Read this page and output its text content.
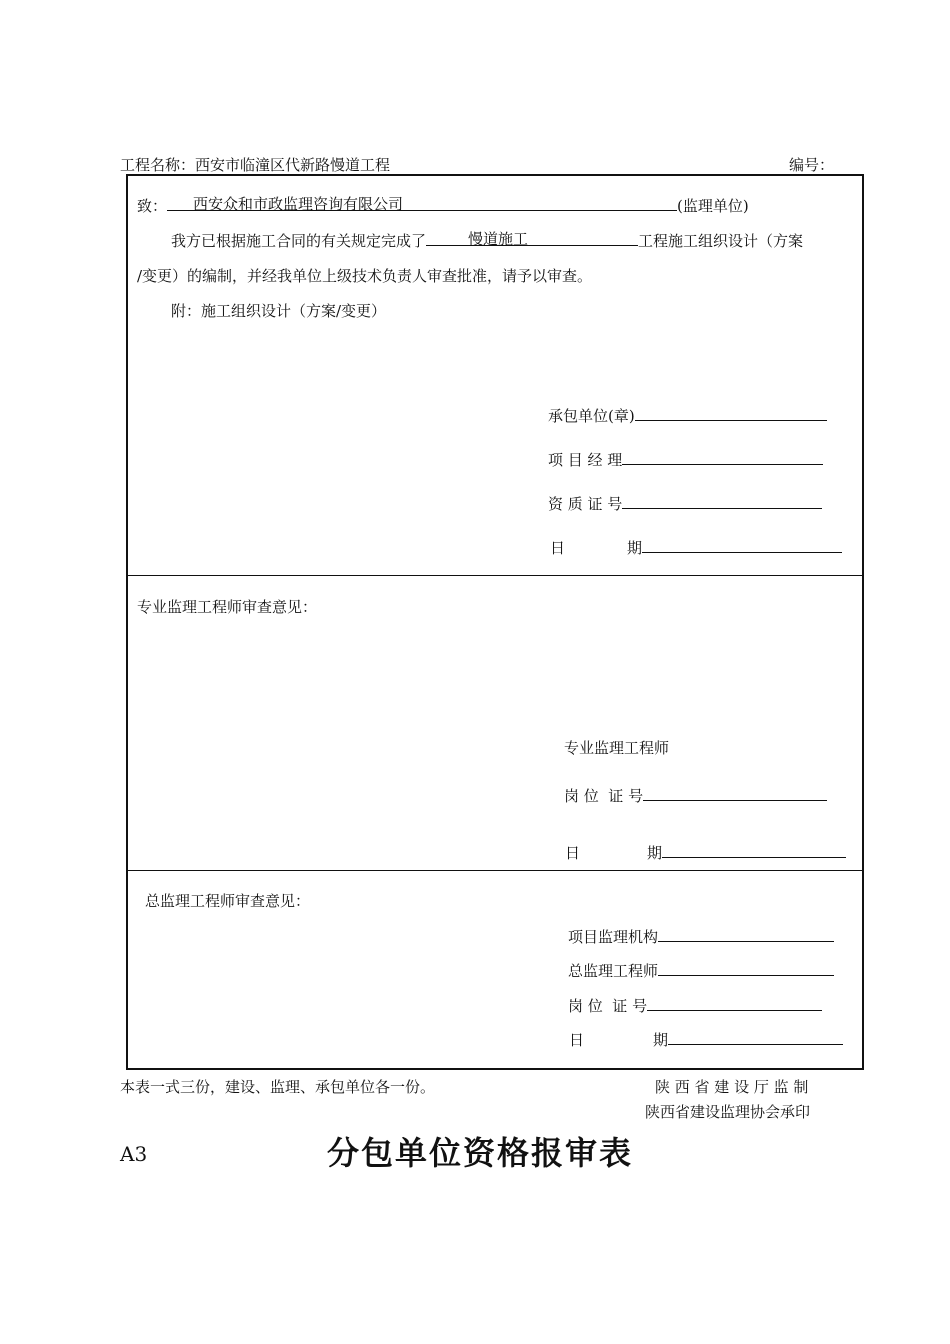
工程名称：西安市临潼区代新路慢道工程	编号：
致： 西安众和市政监理咨询有限公司	(监理单位)
我方已根据施工合同的有关规定完成了	慢道施工	工程施工组织设计（方案
/变更）的编制，并经我单位上级技术负责人审查批准，请予以审查。
附：施工组织设计（方案/变更）
承包单位(章)
项 目 经 理
资 质 证 号
日	期
专业监理工程师审查意见：
专业监理工程师
岗 位  证 号
日	期
总监理工程师审查意见：
项目监理机构
总监理工程师
岗 位  证 号
日	期
本表一式三份，建设、监理、承包单位各一份。	陕 西 省 建 设 厅 监 制
陕西省建设监理协会承印
A3	分包单位资格报审表
